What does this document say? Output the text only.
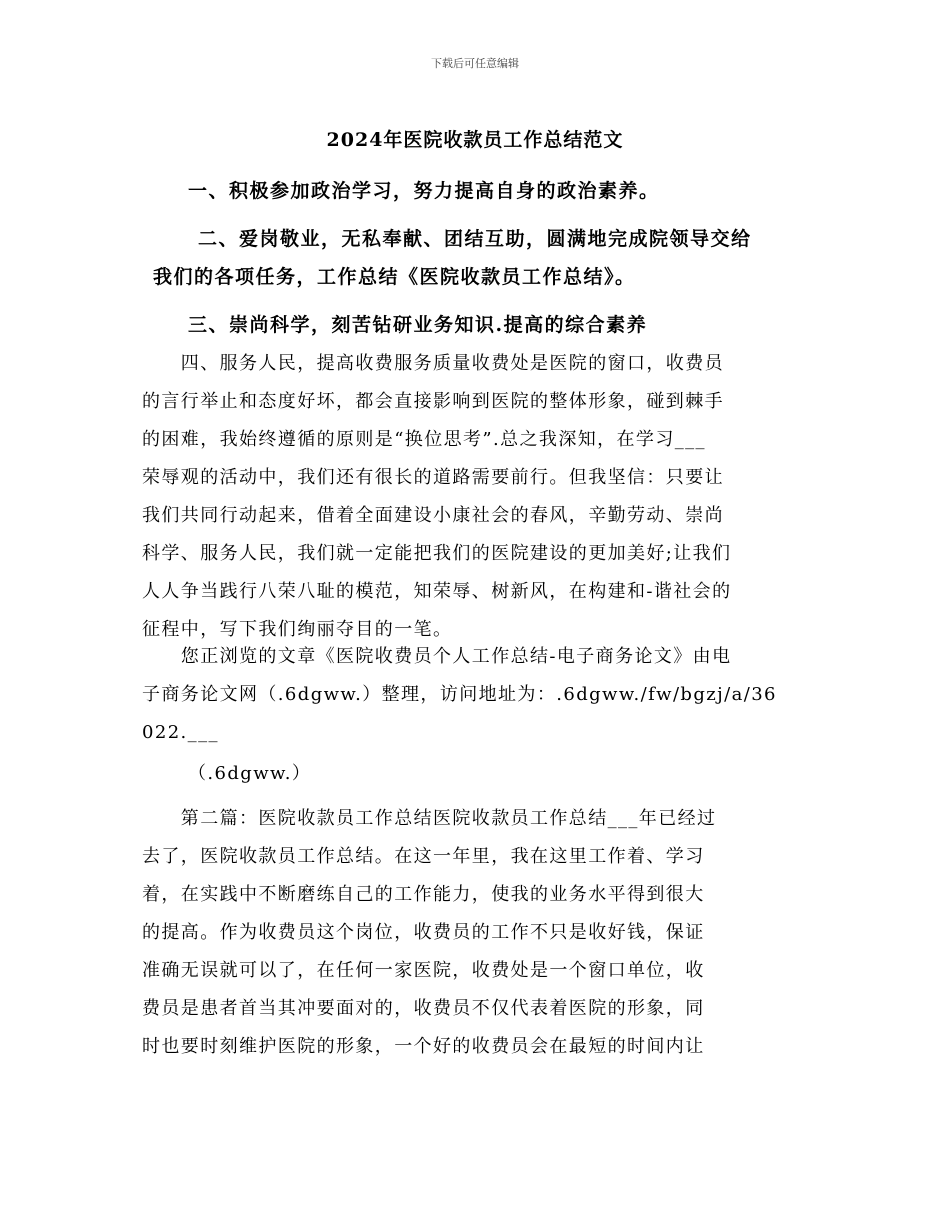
下载后可任意编辑
2024年医院收款员工作总结范文
一、积极参加政治学习，努力提高自身的政治素养。
二、爱岗敬业，无私奉献、团结互助，圆满地完成院领导交给
我们的各项任务，工作总结《医院收款员工作总结》。
三、崇尚科学，刻苦钻研业务知识.提高的综合素养
　　四、服务人民，提高收费服务质量收费处是医院的窗口，收费员
的言行举止和态度好坏，都会直接影响到医院的整体形象，碰到棘手
的困难，我始终遵循的原则是“换位思考”.总之我深知，在学习___
荣辱观的活动中，我们还有很长的道路需要前行。但我坚信：只要让
我们共同行动起来，借着全面建设小康社会的春风，辛勤劳动、崇尚
科学、服务人民，我们就一定能把我们的医院建设的更加美好;让我们
人人争当践行八荣八耻的模范，知荣辱、树新风，在构建和-谐社会的
征程中，写下我们绚丽夺目的一笔。
　　您正浏览的文章《医院收费员个人工作总结-电子商务论文》由电
子商务论文网（.6dgww.）整理，访问地址为：.6dgww./fw/bgzj/a/36
022.___
（.6dgww.）
　　第二篇：医院收款员工作总结医院收款员工作总结___年已经过
去了，医院收款员工作总结。在这一年里，我在这里工作着、学习
着，在实践中不断磨练自己的工作能力，使我的业务水平得到很大
的提高。作为收费员这个岗位，收费员的工作不只是收好钱，保证
准确无误就可以了，在任何一家医院，收费处是一个窗口单位，收
费员是患者首当其冲要面对的，收费员不仅代表着医院的形象，同
时也要时刻维护医院的形象，一个好的收费员会在最短的时间内让
